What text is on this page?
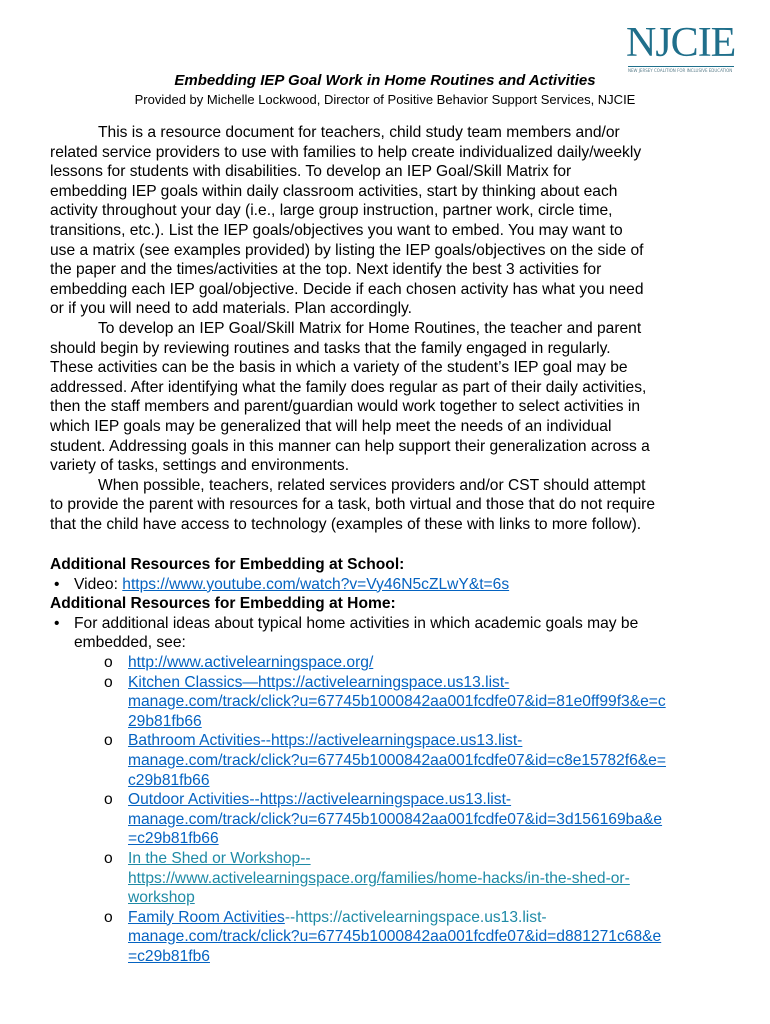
NJCIE
NEW JERSEY COALITION FOR INCLUSIVE EDUCATION
Embedding IEP Goal Work in Home Routines and Activities
Provided by Michelle Lockwood, Director of Positive Behavior Support Services, NJCIE

This is a resource document for teachers, child study team members and/or
related service providers to use with families to help create individualized daily/weekly
lessons for students with disabilities. To develop an IEP Goal/Skill Matrix for
embedding IEP goals within daily classroom activities, start by thinking about each
activity throughout your day (i.e., large group instruction, partner work, circle time,
transitions, etc.). List the IEP goals/objectives you want to embed. You may want to
use a matrix (see examples provided) by listing the IEP goals/objectives on the side of
the paper and the times/activities at the top. Next identify the best 3 activities for
embedding each IEP goal/objective. Decide if each chosen activity has what you need
or if you will need to add materials. Plan accordingly.

To develop an IEP Goal/Skill Matrix for Home Routines, the teacher and parent
should begin by reviewing routines and tasks that the family engaged in regularly.
These activities can be the basis in which a variety of the student’s IEP goal may be
addressed. After identifying what the family does regular as part of their daily activities,
then the staff members and parent/guardian would work together to select activities in
which IEP goals may be generalized that will help meet the needs of an individual
student. Addressing goals in this manner can help support their generalization across a
variety of tasks, settings and environments.

When possible, teachers, related services providers and/or CST should attempt
to provide the parent with resources for a task, both virtual and those that do not require
that the child have access to technology (examples of these with links to more follow).

Additional Resources for Embedding at School:
• Video: https://www.youtube.com/watch?v=Vy46N5cZLwY&t=6s
Additional Resources for Embedding at Home:
• For additional ideas about typical home activities in which academic goals may be
embedded, see:
o http://www.activelearningspace.org/
o Kitchen Classics—https://activelearningspace.us13.list-
manage.com/track/click?u=67745b1000842aa001fcdfe07&id=81e0ff99f3&e=c
29b81fb66
o Bathroom Activities--https://activelearningspace.us13.list-
manage.com/track/click?u=67745b1000842aa001fcdfe07&id=c8e15782f6&e=
c29b81fb66
o Outdoor Activities--https://activelearningspace.us13.list-
manage.com/track/click?u=67745b1000842aa001fcdfe07&id=3d156169ba&e
=c29b81fb66
o In the Shed or Workshop--
https://www.activelearningspace.org/families/home-hacks/in-the-shed-or-
workshop
o Family Room Activities--https://activelearningspace.us13.list-
manage.com/track/click?u=67745b1000842aa001fcdfe07&id=d881271c68&e
=c29b81fb6
